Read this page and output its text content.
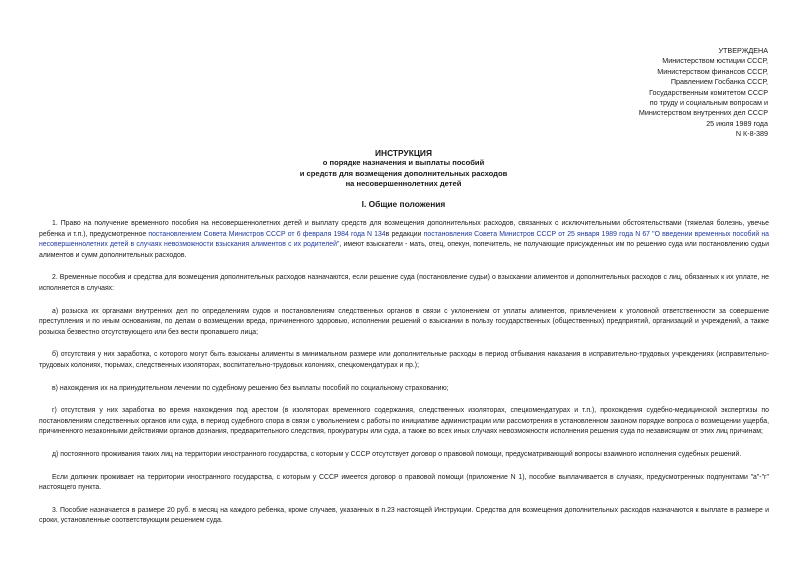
УТВЕРЖДЕНА
Министерством юстиции СССР,
Министерством финансов СССР,
Правлением Госбанка СССР,
Государственным комитетом СССР
по труду и социальным вопросам и
Министерством внутренних дел СССР
25 июля 1989 года
N К-8-389
ИНСТРУКЦИЯ
о порядке назначения и выплаты пособий
и средств для возмещения дополнительных расходов
на несовершеннолетних детей
I. Общие положения

1. Право на получение временного пособия на несовершеннолетних детей и выплату средств для возмещения дополнительных расходов, связанных с исключительными обстоятельствами (тяжелая болезнь, увечье ребенка и т.п.), предусмотренное постановлением Совета Министров СССР от 6 февраля 1984 года N 134в редакции постановления Совета Министров СССР от 25 января 1989 года N 67 "О введении временных пособий на несовершеннолетних детей в случаях невозможности взыскания алиментов с их родителей", имеют взыскатели - мать, отец, опекун, попечитель, не получающие присужденных им по решению суда или постановлению судьи алиментов и сумм дополнительных расходов.

2. Временные пособия и средства для возмещения дополнительных расходов назначаются, если решение суда (постановление судьи) о взыскании алиментов и дополнительных расходов с лиц, обязанных к их уплате, не исполняется в случаях:

а) розыска их органами внутренних дел по определениям судов и постановлениям следственных органов в связи с уклонением от уплаты алиментов, привлечением к уголовной ответственности за совершение преступления и по иным основаниям, по делам о возмещении вреда, причиненного здоровью, исполнении решений о взыскании в пользу государственных (общественных) предприятий, организаций и учреждений, а также розыска безвестно отсутствующего или без вести пропавшего лица;

б) отсутствия у них заработка, с которого могут быть взысканы алименты в минимальном размере или дополнительные расходы в период отбывания наказания в исправительно-трудовых учреждениях (исправительно-трудовых колониях, тюрьмах, следственных изоляторах, воспитательно-трудовых колониях, спецкомендатурах и пр.);

в) нахождения их на принудительном лечении по судебному решению без выплаты пособий по социальному страхованию;

г) отсутствия у них заработка во время нахождения под арестом (в изоляторах временного содержания, следственных изоляторах, спецкомендатурах и т.п.), прохождения судебно-медицинской экспертизы по постановлениям следственных органов или суда, в период судебного спора в связи с увольнением с работы по инициативе администрации или рассмотрения в установленном законом порядке вопроса о возмещении ущерба, причиненного незаконными действиями органов дознания, предварительного следствия, прокуратуры или суда, а также во всех иных случаях невозможности исполнения решения суда по независящим от этих лиц причинам;

д) постоянного проживания таких лиц на территории иностранного государства, с которым у СССР отсутствует договор о правовой помощи, предусматривающий вопросы взаимного исполнения судебных решений.

Если должник проживает на территории иностранного государства, с которым у СССР имеется договор о правовой помощи (приложение N 1), пособие выплачивается в случаях, предусмотренных подпунктами "а"-"г" настоящего пункта.

3. Пособие назначается в размере 20 руб. в месяц на каждого ребенка, кроме случаев, указанных в п.23 настоящей Инструкции. Средства для возмещения дополнительных расходов назначаются к выплате в размере и сроки, установленные соответствующим решением суда.
